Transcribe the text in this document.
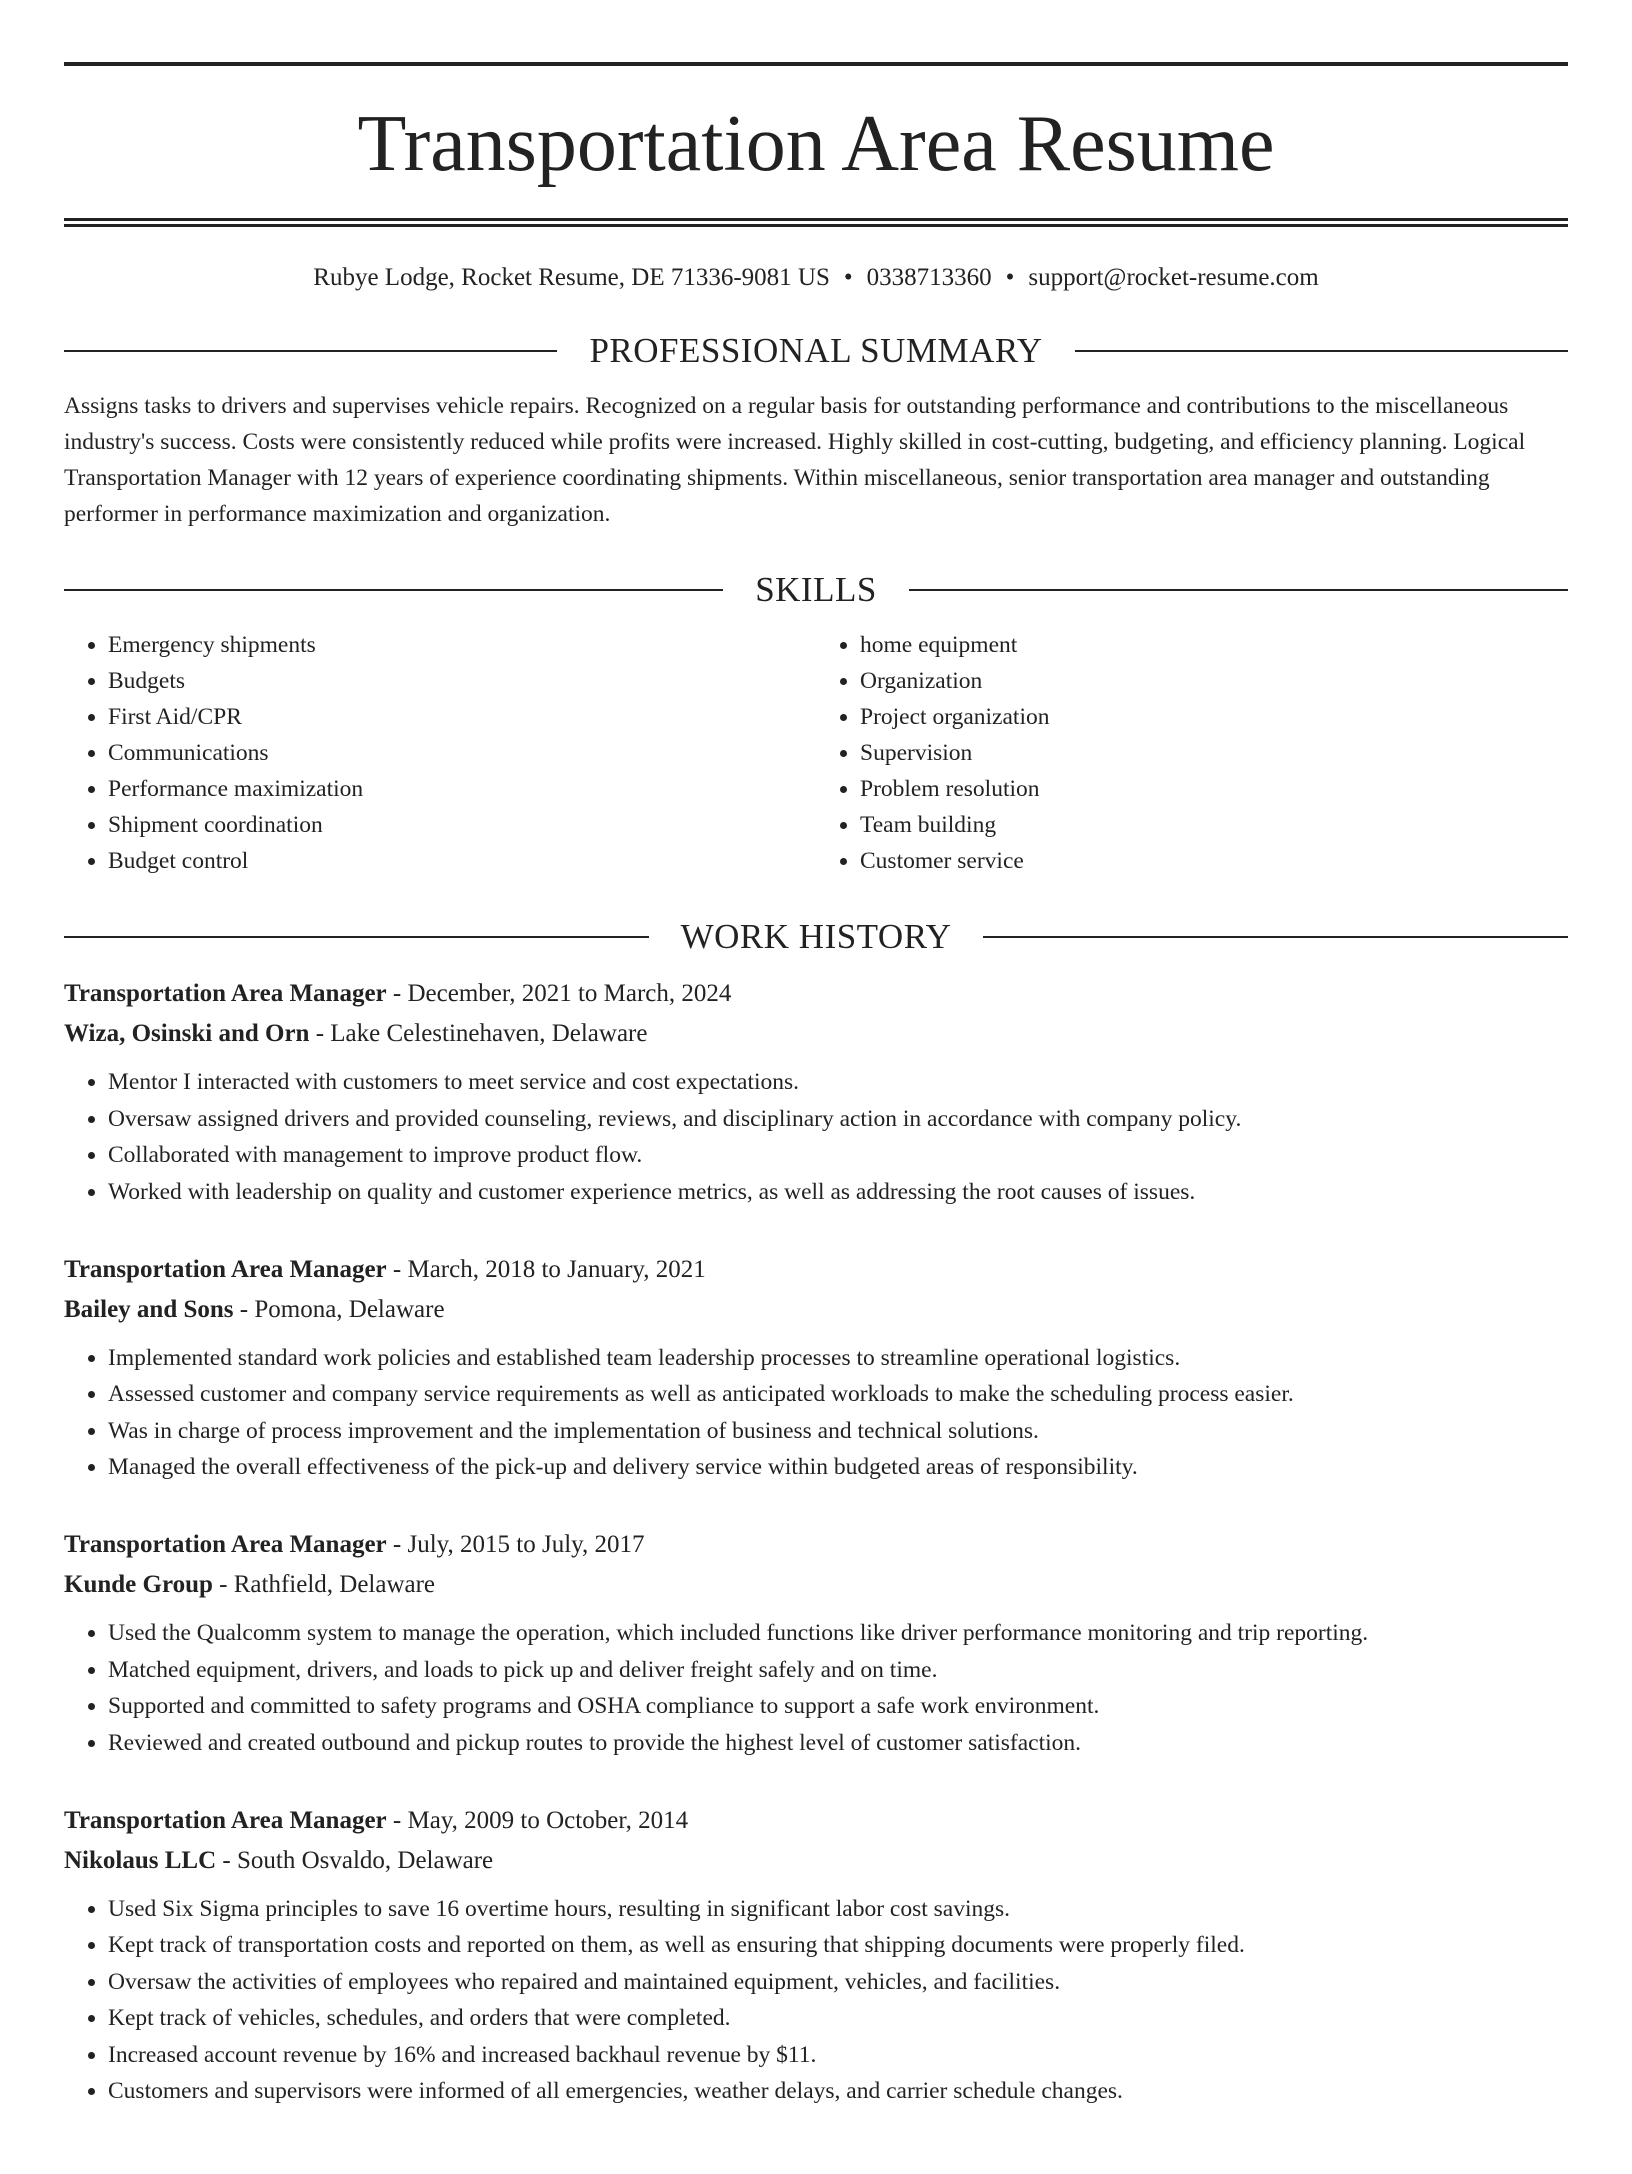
Transportation Area Resume
Rubye Lodge, Rocket Resume, DE 71336-9081 US • 0338713360 • support@rocket-resume.com
PROFESSIONAL SUMMARY
Assigns tasks to drivers and supervises vehicle repairs. Recognized on a regular basis for outstanding performance and contributions to the miscellaneous industry's success. Costs were consistently reduced while profits were increased. Highly skilled in cost-cutting, budgeting, and efficiency planning. Logical Transportation Manager with 12 years of experience coordinating shipments. Within miscellaneous, senior transportation area manager and outstanding performer in performance maximization and organization.
SKILLS
• Emergency shipments
• Budgets
• First Aid/CPR
• Communications
• Performance maximization
• Shipment coordination
• Budget control
• home equipment
• Organization
• Project organization
• Supervision
• Problem resolution
• Team building
• Customer service
WORK HISTORY
Transportation Area Manager - December, 2021 to March, 2024
Wiza, Osinski and Orn - Lake Celestinehaven, Delaware
• Mentor I interacted with customers to meet service and cost expectations.
• Oversaw assigned drivers and provided counseling, reviews, and disciplinary action in accordance with company policy.
• Collaborated with management to improve product flow.
• Worked with leadership on quality and customer experience metrics, as well as addressing the root causes of issues.
Transportation Area Manager - March, 2018 to January, 2021
Bailey and Sons - Pomona, Delaware
• Implemented standard work policies and established team leadership processes to streamline operational logistics.
• Assessed customer and company service requirements as well as anticipated workloads to make the scheduling process easier.
• Was in charge of process improvement and the implementation of business and technical solutions.
• Managed the overall effectiveness of the pick-up and delivery service within budgeted areas of responsibility.
Transportation Area Manager - July, 2015 to July, 2017
Kunde Group - Rathfield, Delaware
• Used the Qualcomm system to manage the operation, which included functions like driver performance monitoring and trip reporting.
• Matched equipment, drivers, and loads to pick up and deliver freight safely and on time.
• Supported and committed to safety programs and OSHA compliance to support a safe work environment.
• Reviewed and created outbound and pickup routes to provide the highest level of customer satisfaction.
Transportation Area Manager - May, 2009 to October, 2014
Nikolaus LLC - South Osvaldo, Delaware
• Used Six Sigma principles to save 16 overtime hours, resulting in significant labor cost savings.
• Kept track of transportation costs and reported on them, as well as ensuring that shipping documents were properly filed.
• Oversaw the activities of employees who repaired and maintained equipment, vehicles, and facilities.
• Kept track of vehicles, schedules, and orders that were completed.
• Increased account revenue by 16% and increased backhaul revenue by $11.
• Customers and supervisors were informed of all emergencies, weather delays, and carrier schedule changes.
